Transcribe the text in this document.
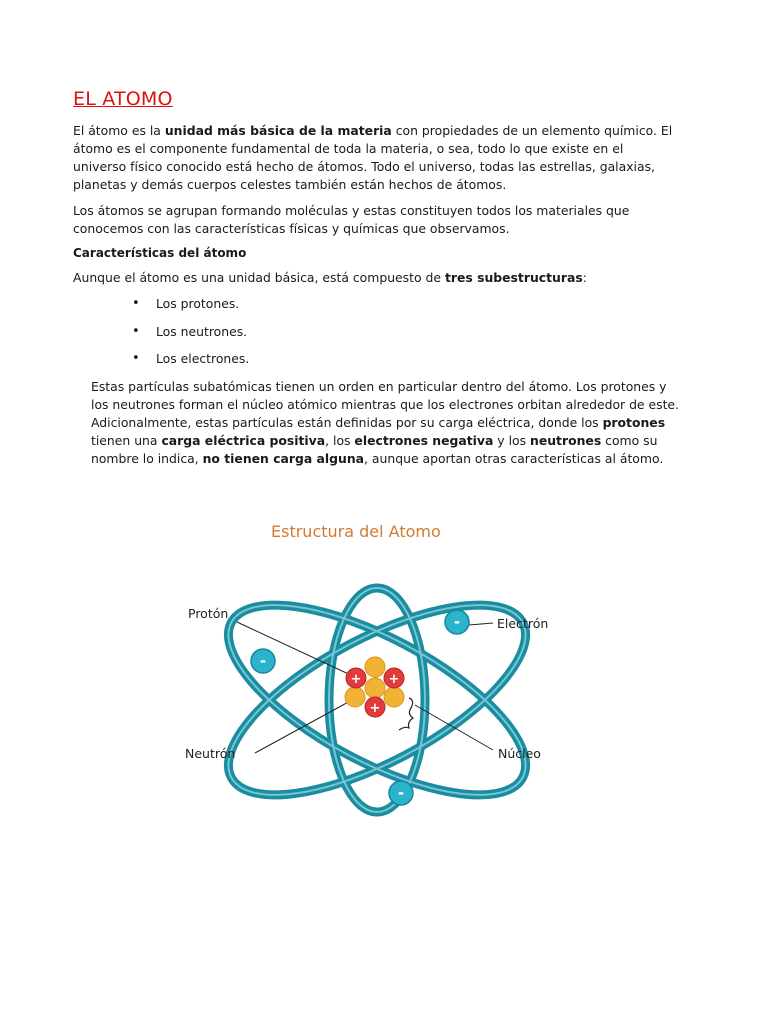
EL ATOMO

El átomo es la unidad más básica de la materia con propiedades de un elemento químico. El átomo es el componente fundamental de toda la materia, o sea, todo lo que existe en el universo físico conocido está hecho de átomos. Todo el universo, todas las estrellas, galaxias, planetas y demás cuerpos celestes también están hechos de átomos.

Los átomos se agrupan formando moléculas y estas constituyen todos los materiales que conocemos con las características físicas y químicas que observamos.

Características del átomo

Aunque el átomo es una unidad básica, está compuesto de tres subestructuras:

• Los protones.
• Los neutrones.
• Los electrones.

Estas partículas subatómicas tienen un orden en particular dentro del átomo. Los protones y los neutrones forman el núcleo atómico mientras que los electrones orbitan alrededor de este. Adicionalmente, estas partículas están definidas por su carga eléctrica, donde los protones tienen una carga eléctrica positiva, los electrones negativa y los neutrones como su nombre lo indica, no tienen carga alguna, aunque aportan otras características al átomo.

Estructura del Atomo
+ +
+
-
-
-
Protón
Electrón
Neutrón	Núcleo
